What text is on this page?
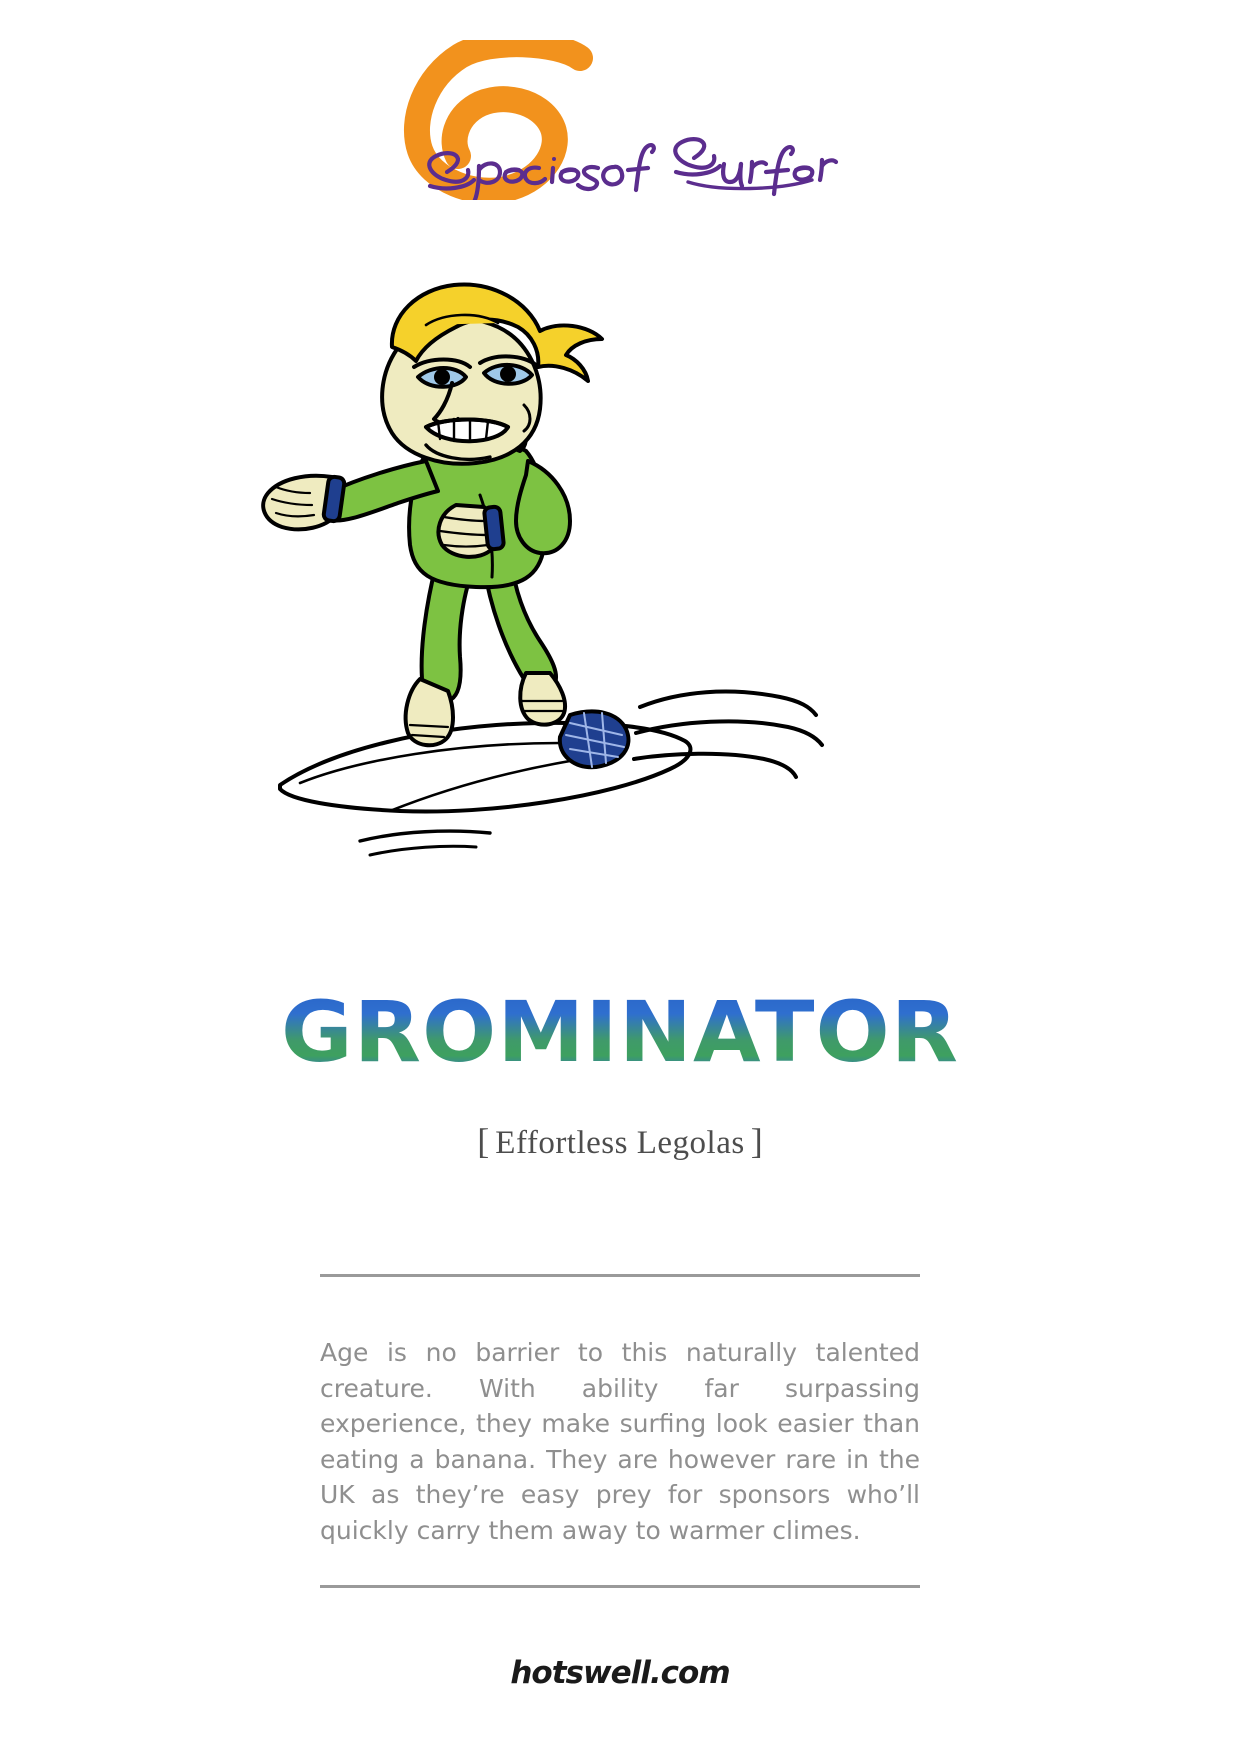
GROMINATOR
[ Effortless Legolas ]

Age is no barrier to this naturally talented creature. With ability far surpassing experience, they make surfing look easier than eating a banana. They are however rare in the UK as they’re easy prey for sponsors who’ll quickly carry them away to warmer climes.

hotswell.com
